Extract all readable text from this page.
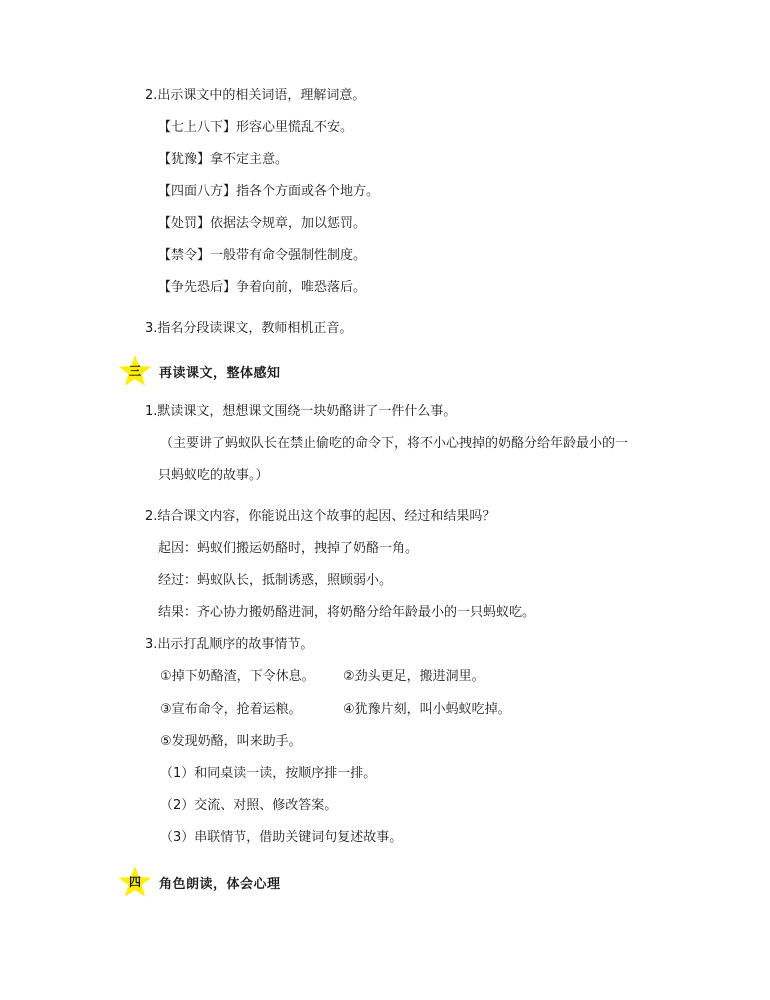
2.出示课文中的相关词语，理解词意。
【七上八下】形容心里慌乱不安。
【犹豫】拿不定主意。
【四面八方】指各个方面或各个地方。
【处罚】依据法令规章，加以惩罚。
【禁令】一般带有命令强制性制度。
【争先恐后】争着向前，唯恐落后。
3.指名分段读课文，教师相机正音。
三	再读课文，整体感知
1.默读课文，想想课文围绕一块奶酪讲了一件什么事。
（主要讲了蚂蚁队长在禁止偷吃的命令下，将不小心拽掉的奶酪分给年龄最小的一
只蚂蚁吃的故事。）
2.结合课文内容，你能说出这个故事的起因、经过和结果吗？
起因：蚂蚁们搬运奶酪时，拽掉了奶酪一角。
经过：蚂蚁队长，抵制诱惑，照顾弱小。
结果：齐心协力搬奶酪进洞，将奶酪分给年龄最小的一只蚂蚁吃。
3.出示打乱顺序的故事情节。
①掉下奶酪渣，下令休息。 ②劲头更足，搬进洞里。
③宣布命令，抢着运粮。	④犹豫片刻，叫小蚂蚁吃掉。
⑤发现奶酪，叫来助手。
（1）和同桌读一读，按顺序排一排。
（2）交流、对照、修改答案。
（3）串联情节，借助关键词句复述故事。
四	角色朗读，体会心理
